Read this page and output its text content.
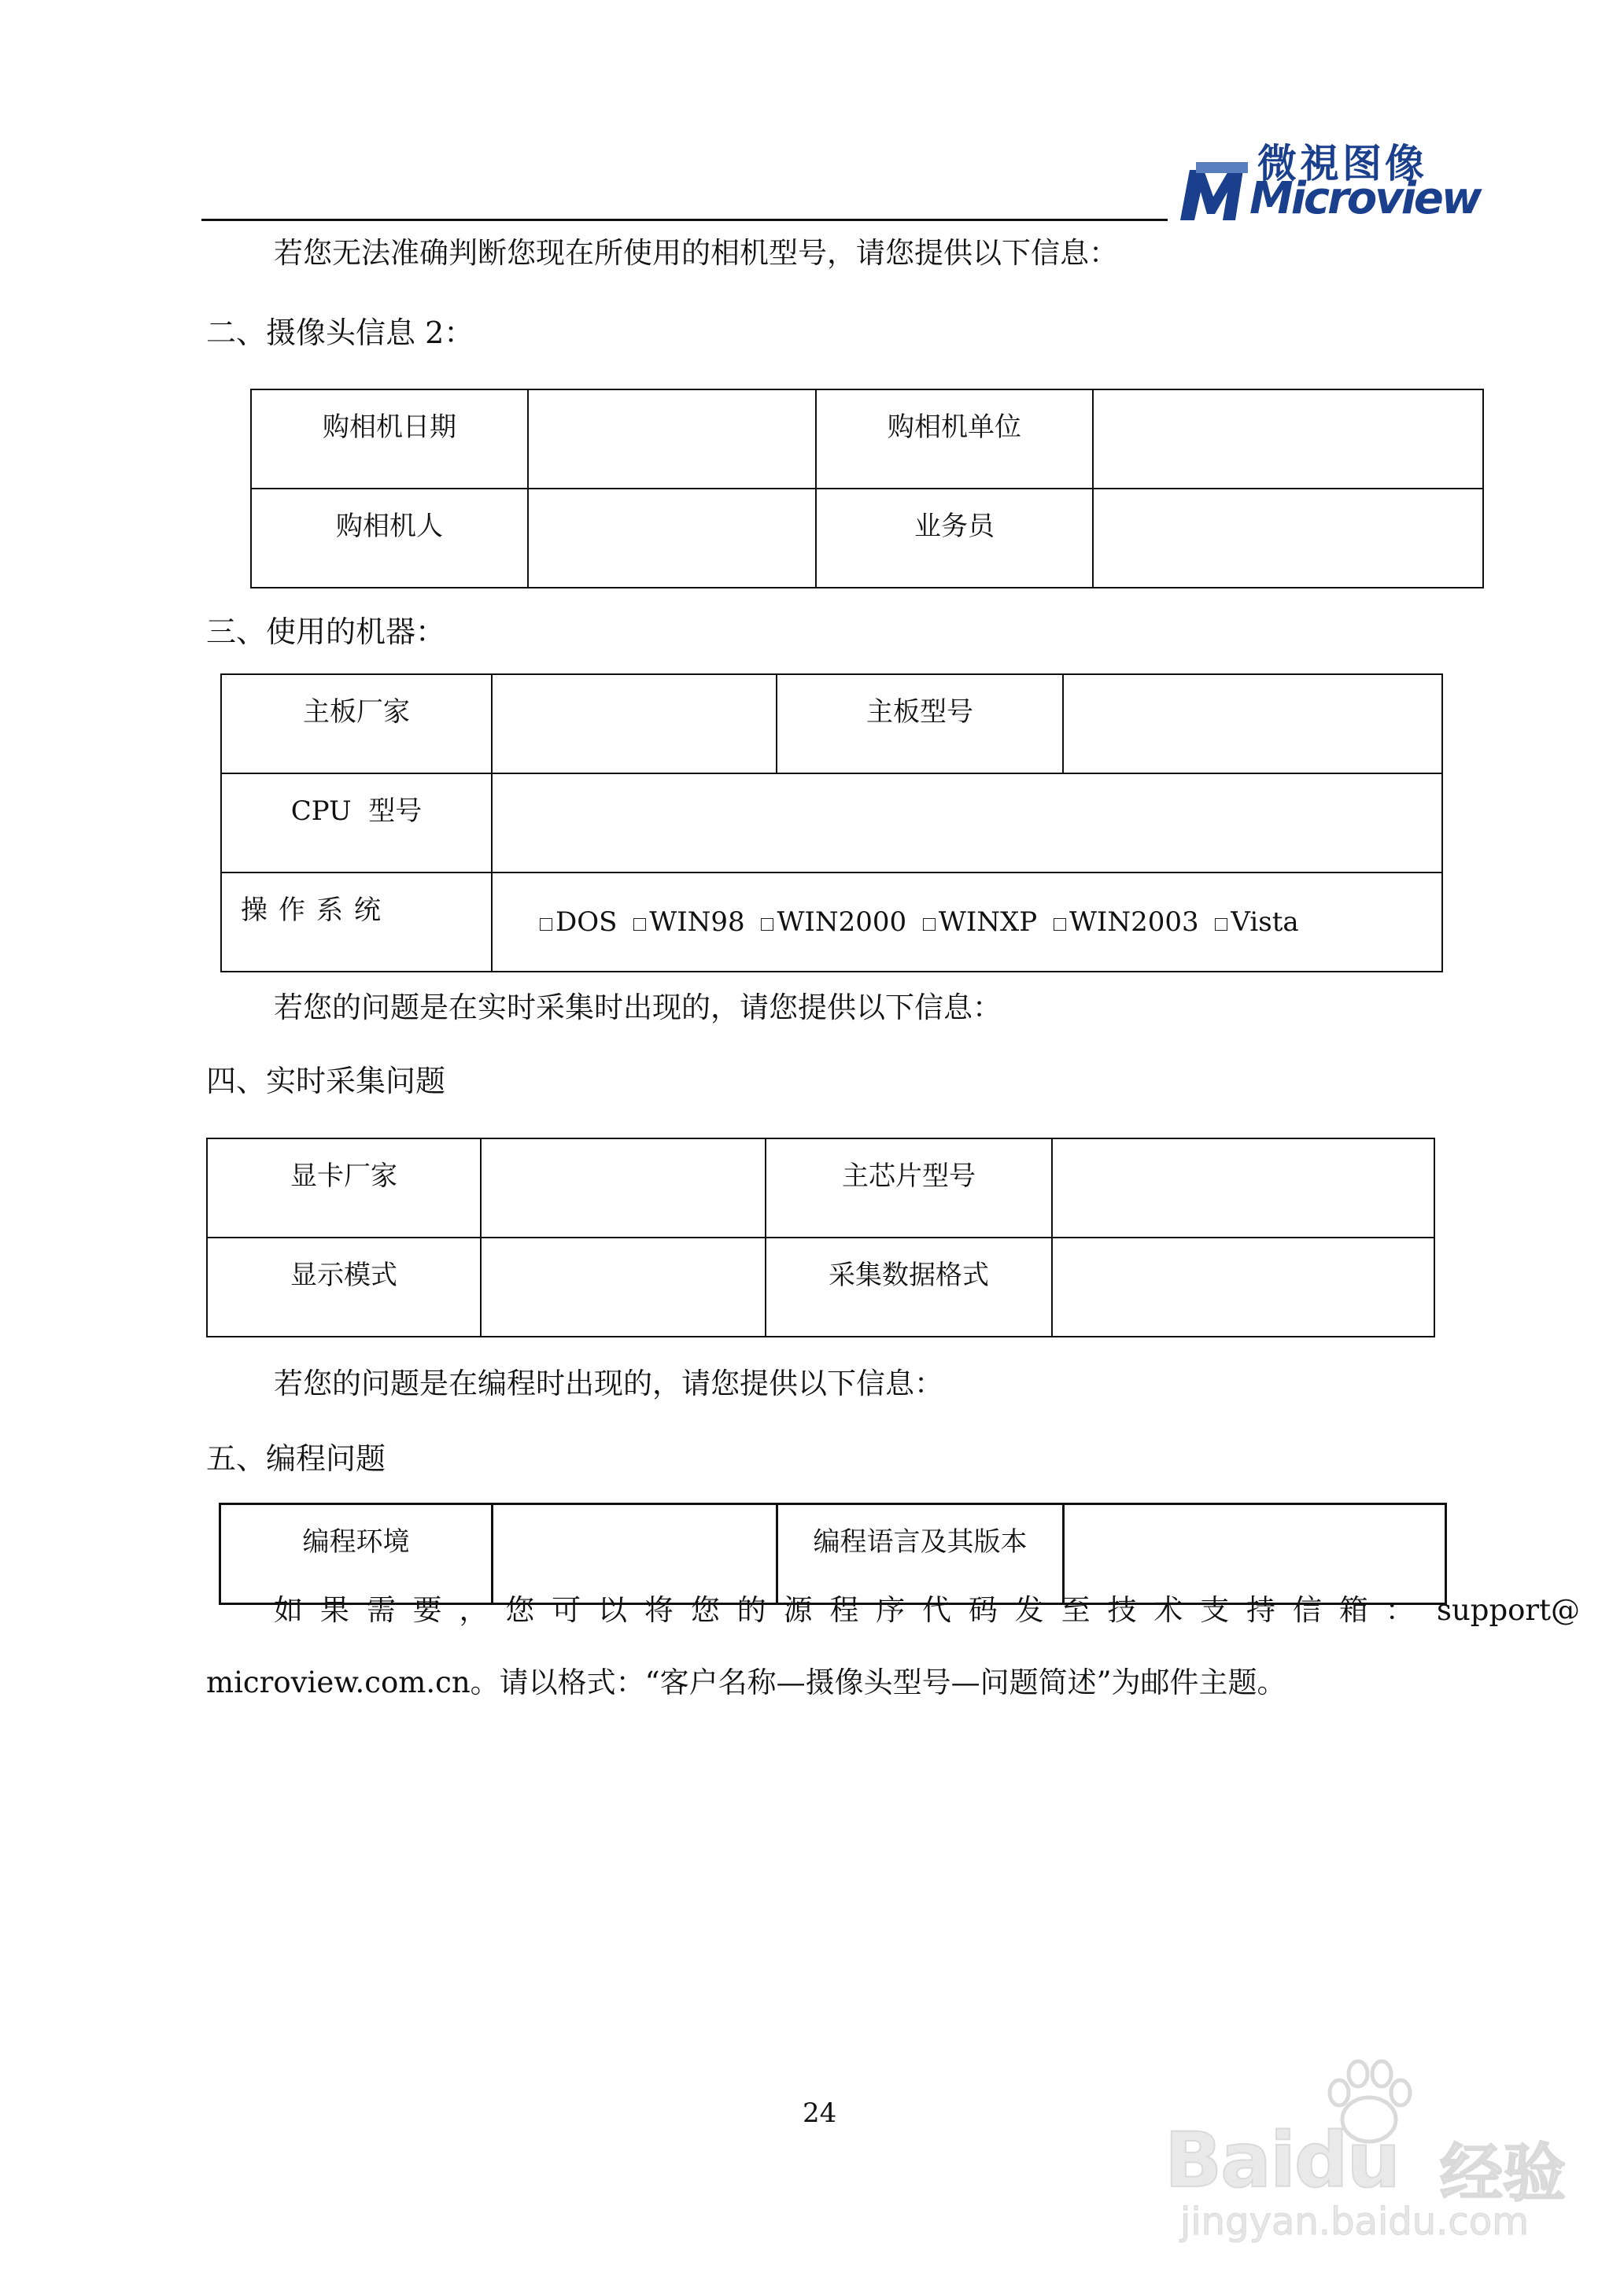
微視图像
Microview
若您无法准确判断您现在所使用的相机型号，请您提供以下信息：
二、摄像头信息 2：
购相机日期		购相机单位	
购相机人		业务员	
三、使用的机器：
主板厂家		主板型号	
CPU  型号			
操作系统	DOS WIN98 WIN2000 WINXP WIN2003 Vista		
若您的问题是在实时采集时出现的，请您提供以下信息：
四、实时采集问题
显卡厂家		主芯片型号	
显示模式		采集数据格式	
若您的问题是在编程时出现的，请您提供以下信息：
五、编程问题
编程环境		编程语言及其版本	
如 果 需 要 ， 您 可 以 将 您 的 源 程 序 代 码 发 至 技 术 支 持 信 箱 ： support@
microview.com.cn。请以格式：“客户名称—摄像头型号—问题简述”为邮件主题。
24
Baidu 经验
jingyan.baidu.com
